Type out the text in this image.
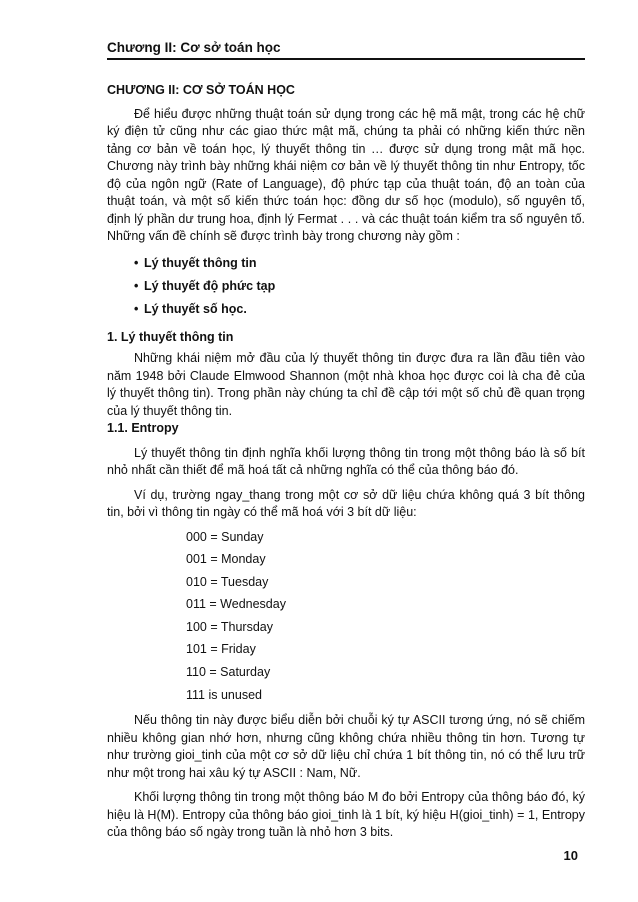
Chương II: Cơ sở toán học
CHƯƠNG II: CƠ SỞ TOÁN HỌC

Để hiểu được những thuật toán sử dụng trong các hệ mã mật, trong các hệ chữ ký điện tử cũng như các giao thức mật mã, chúng ta phải có những kiến thức nền tảng cơ bản về toán học, lý thuyết thông tin … được sử dụng trong mật mã học. Chương này trình bày những khái niệm cơ bản về lý thuyết thông tin như Entropy, tốc độ của ngôn ngữ (Rate of Language), độ phức tạp của thuật toán, độ an toàn của thuật toán, và một số kiến thức toán học: đồng dư số học (modulo), số nguyên tố, định lý phần dư trung hoa, định lý Fermat . . . và các thuật toán kiểm tra số nguyên tố. Những vấn đề chính sẽ được trình bày trong chương này gồm :

• Lý thuyết thông tin
• Lý thuyết độ phức tạp
• Lý thuyết số học.
1. Lý thuyết thông tin

Những khái niệm mở đầu của lý thuyết thông tin được đưa ra lần đầu tiên vào năm 1948 bởi Claude Elmwood Shannon (một nhà khoa học được coi là cha đẻ của lý thuyết thông tin). Trong phần này chúng ta chỉ đề cập tới một số chủ đề quan trọng của lý thuyết thông tin.

1.1. Entropy

Lý thuyết thông tin định nghĩa khối lượng thông tin trong một thông báo là số bít nhỏ nhất cần thiết để mã hoá tất cả những nghĩa có thể của thông báo đó.

Ví dụ, trường ngay_thang trong một cơ sở dữ liệu chứa không quá 3 bít thông tin, bởi vì thông tin ngày có thể mã hoá với 3 bít dữ liệu:

000 = Sunday
001 = Monday
010 = Tuesday
011 = Wednesday
100 = Thursday
101 = Friday
110 = Saturday
111 is unused

Nếu thông tin này được biểu diễn bởi chuỗi ký tự ASCII tương ứng, nó sẽ chiếm nhiều không gian nhớ hơn, nhưng cũng không chứa nhiều thông tin hơn. Tương tự như trường gioi_tinh của một cơ sở dữ liệu chỉ chứa 1 bít thông tin, nó có thể lưu trữ như một trong hai xâu ký tự ASCII : Nam, Nữ.

Khối lượng thông tin trong một thông báo M đo bởi Entropy của thông báo đó, ký hiệu là H(M). Entropy của thông báo gioi_tinh là 1 bít, ký hiệu H(gioi_tinh) = 1, Entropy của thông báo số ngày trong tuần là nhỏ hơn 3 bits.

10
